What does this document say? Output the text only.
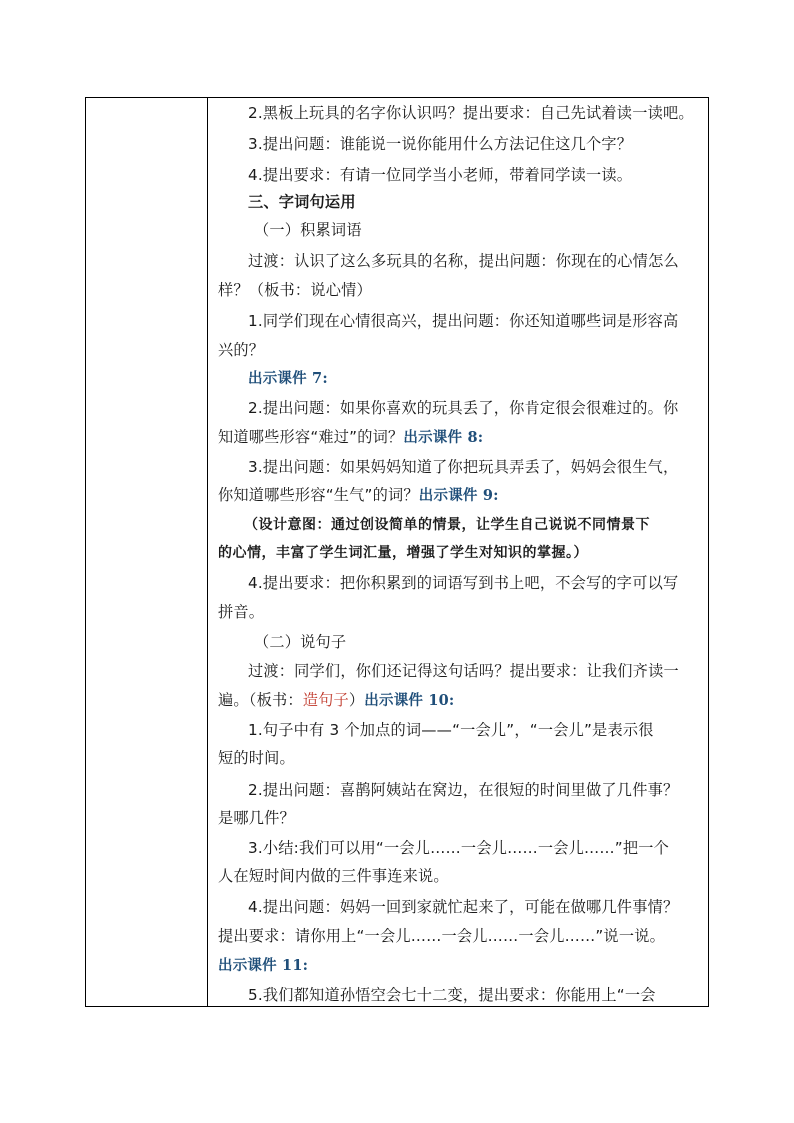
2.黑板上玩具的名字你认识吗？提出要求：自己先试着读一读吧。
3.提出问题：谁能说一说你能用什么方法记住这几个字？
4.提出要求：有请一位同学当小老师，带着同学读一读。
三、字词句运用
（一）积累词语
过渡：认识了这么多玩具的名称，提出问题：你现在的心情怎么
样？（板书：说心情）
1.同学们现在心情很高兴，提出问题：你还知道哪些词是形容高
兴的？
出示课件 7:
2.提出问题：如果你喜欢的玩具丢了，你肯定很会很难过的。你
知道哪些形容“难过”的词？出示课件 8:
3.提出问题：如果妈妈知道了你把玩具弄丢了，妈妈会很生气，
你知道哪些形容“生气”的词？出示课件 9:
（设计意图：通过创设简单的情景，让学生自己说说不同情景下
的心情，丰富了学生词汇量，增强了学生对知识的掌握。）
4.提出要求：把你积累到的词语写到书上吧，不会写的字可以写
拼音。
（二）说句子
过渡：同学们，你们还记得这句话吗？提出要求：让我们齐读一
遍。（板书：造句子）出示课件 10:
1.句子中有 3 个加点的词——“一会儿”，“一会儿”是表示很
短的时间。
2.提出问题：喜鹊阿姨站在窝边，在很短的时间里做了几件事？
是哪几件？
3.小结:我们可以用“一会儿……一会儿……一会儿……”把一个
人在短时间内做的三件事连来说。
4.提出问题：妈妈一回到家就忙起来了，可能在做哪几件事情？
提出要求：请你用上“一会儿……一会儿……一会儿……”说一说。
出示课件 11:
5.我们都知道孙悟空会七十二变，提出要求：你能用上“一会
